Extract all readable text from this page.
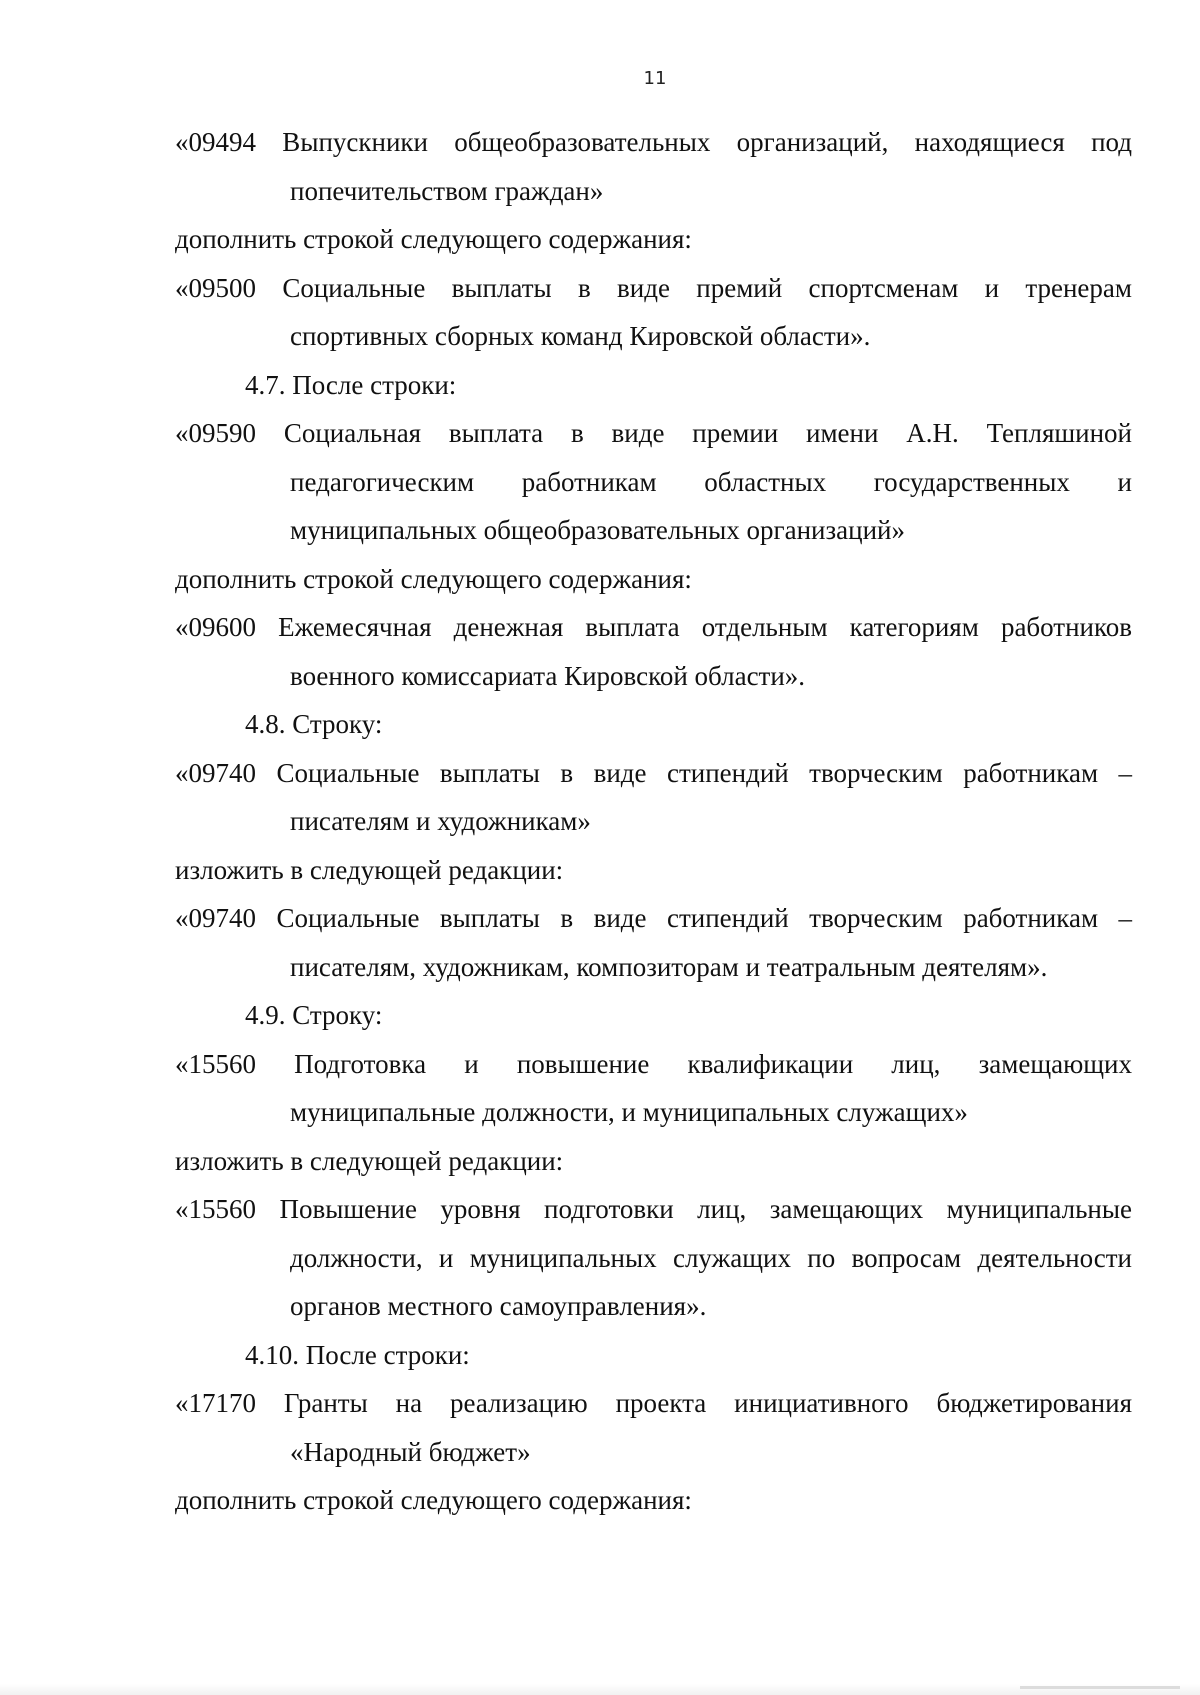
11

«09494 Выпускники общеобразовательных организаций, находящиеся под
попечительством граждан»

дополнить строкой следующего содержания:

«09500 Социальные выплаты в виде премий спортсменам и тренерам
спортивных сборных команд Кировской области».

4.7. После строки:

«09590 Социальная выплата в виде премии имени А.Н. Тепляшиной
педагогическим работникам областных государственных и
муниципальных общеобразовательных организаций»

дополнить строкой следующего содержания:

«09600 Ежемесячная денежная выплата отдельным категориям работников
военного комиссариата Кировской области».

4.8. Строку:

«09740 Социальные выплаты в виде стипендий творческим работникам –
писателям и художникам»

изложить в следующей редакции:

«09740 Социальные выплаты в виде стипендий творческим работникам –
писателям, художникам, композиторам и театральным деятелям».

4.9. Строку:

«15560 Подготовка и повышение квалификации лиц, замещающих
муниципальные должности, и муниципальных служащих»

изложить в следующей редакции:

«15560 Повышение уровня подготовки лиц, замещающих муниципальные
должности, и муниципальных служащих по вопросам деятельности
органов местного самоуправления».

4.10. После строки:

«17170 Гранты на реализацию проекта инициативного бюджетирования
«Народный бюджет»

дополнить строкой следующего содержания:
